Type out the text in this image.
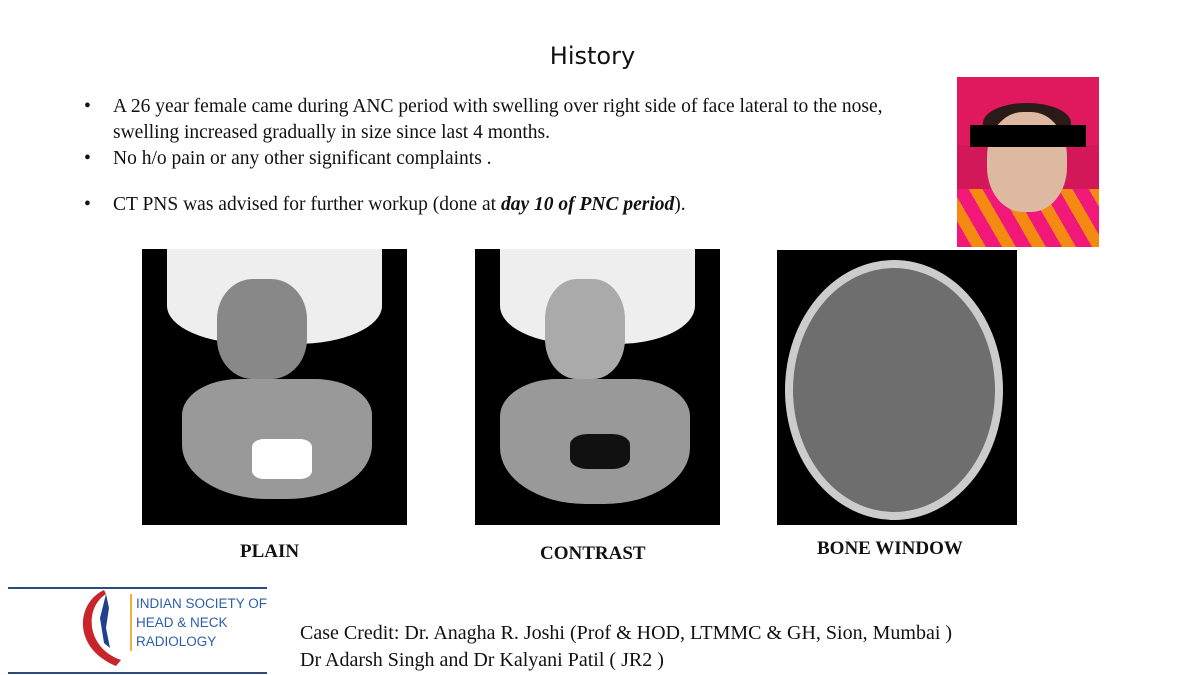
History
• A 26 year female came during ANC period with swelling over right side of face lateral to the nose, swelling increased gradually in size since last 4 months.
• No h/o pain or any other significant complaints .
• CT PNS was advised for further workup (done at day 10 of PNC period).
PLAIN	CONTRAST	BONE WINDOW
INDIAN SOCIETY OF
HEAD & NECK
RADIOLOGY	Case Credit: Dr. Anagha R. Joshi (Prof & HOD, LTMMC & GH, Sion, Mumbai )
Dr Adarsh Singh and Dr Kalyani Patil ( JR2 )
